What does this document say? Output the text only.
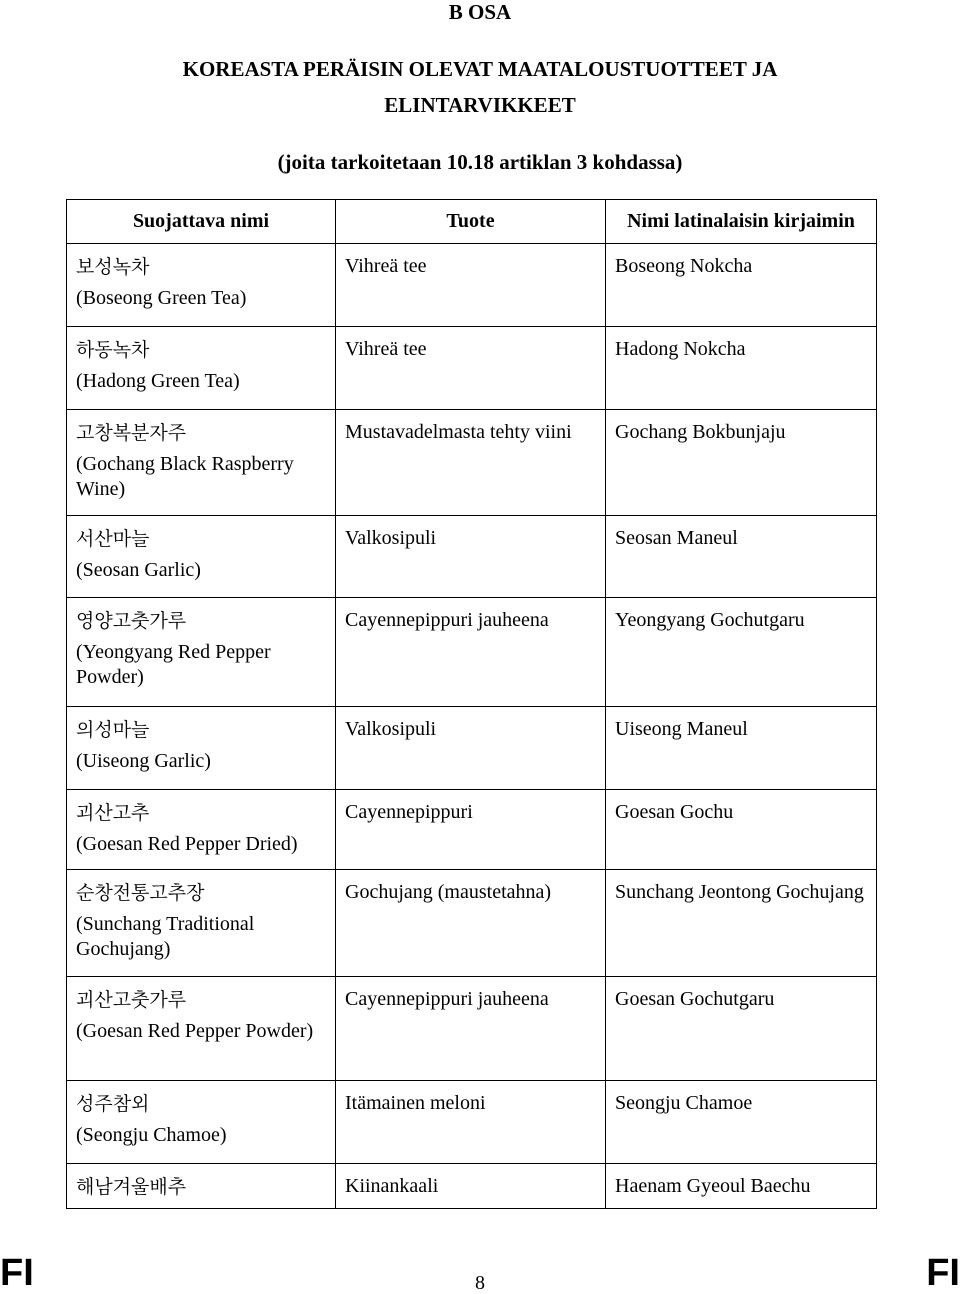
B OSA
KOREASTA PERÄISIN OLEVAT MAATALOUSTUOTTEET JA
ELINTARVIKKEET
(joita tarkoitetaan 10.18 artiklan 3 kohdassa)
Suojattava nimi	Tuote	Nimi latinalaisin kirjaimin

보성녹차
(Boseong Green Tea)	Vihreä tee	Boseong Nokcha

하동녹차
(Hadong Green Tea)	Vihreä tee	Hadong Nokcha

고창복분자주
(Gochang Black Raspberry Wine)	Mustavadelmasta tehty viini	Gochang Bokbunjaju

서산마늘
(Seosan Garlic)	Valkosipuli	Seosan Maneul

영양고춧가루
(Yeongyang Red Pepper Powder)	Cayennepippuri jauheena	Yeongyang Gochutgaru

의성마늘
(Uiseong Garlic)	Valkosipuli	Uiseong Maneul

괴산고추
(Goesan Red Pepper Dried)	Cayennepippuri	Goesan Gochu

순창전통고추장
(Sunchang Traditional Gochujang)	Gochujang (maustetahna)	Sunchang Jeontong Gochujang

괴산고춧가루
(Goesan Red Pepper Powder)	Cayennepippuri jauheena	Goesan Gochutgaru

성주참외
(Seongju Chamoe)	Itämainen meloni	Seongju Chamoe

해남겨울배추	Kiinankaali	Haenam Gyeoul Baechu
FI	8	FI
